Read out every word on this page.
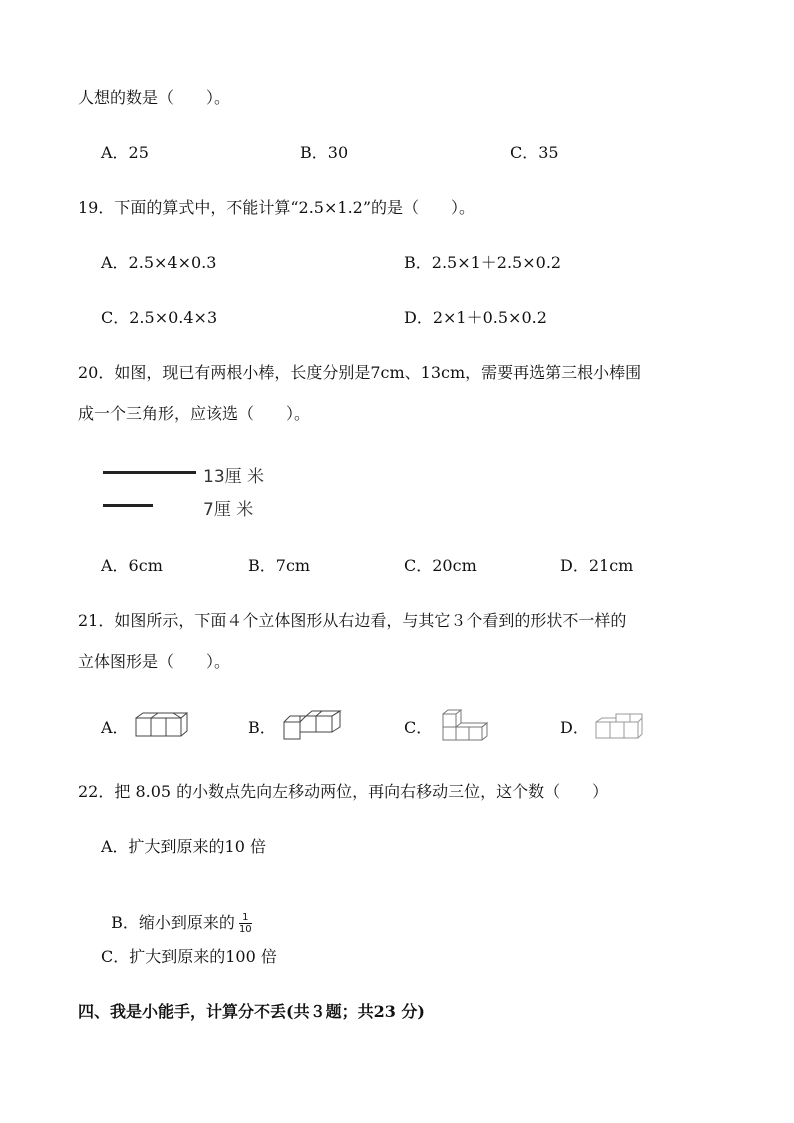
人想的数是（　　）。
A．25	B．30	C．35
19．下面的算式中，不能计算“2.5×1.2”的是（　　）。
A．2.5×4×0.3	B．2.5×1＋2.5×0.2
C．2.5×0.4×3	D．2×1＋0.5×0.2
20．如图，现已有两根小棒，长度分别是7cm、13cm，需要再选第三根小棒围
成一个三角形，应该选（　　）。
13厘 米
7厘 米
A．6cm	B．7cm	C．20cm	D．21cm
21．如图所示，下面４个立体图形从右边看，与其它３个看到的形状不一样的
立体图形是（　　）。
A．	B．	C．	D．
22．把 8.05 的小数点先向左移动两位，再向右移动三位，这个数（　　）
A．扩大到原来的10 倍

B．缩小到原来的 $\frac{1}{10}$

C．扩大到原来的100 倍
四、我是小能手，计算分不丢(共３题；共23 分)
